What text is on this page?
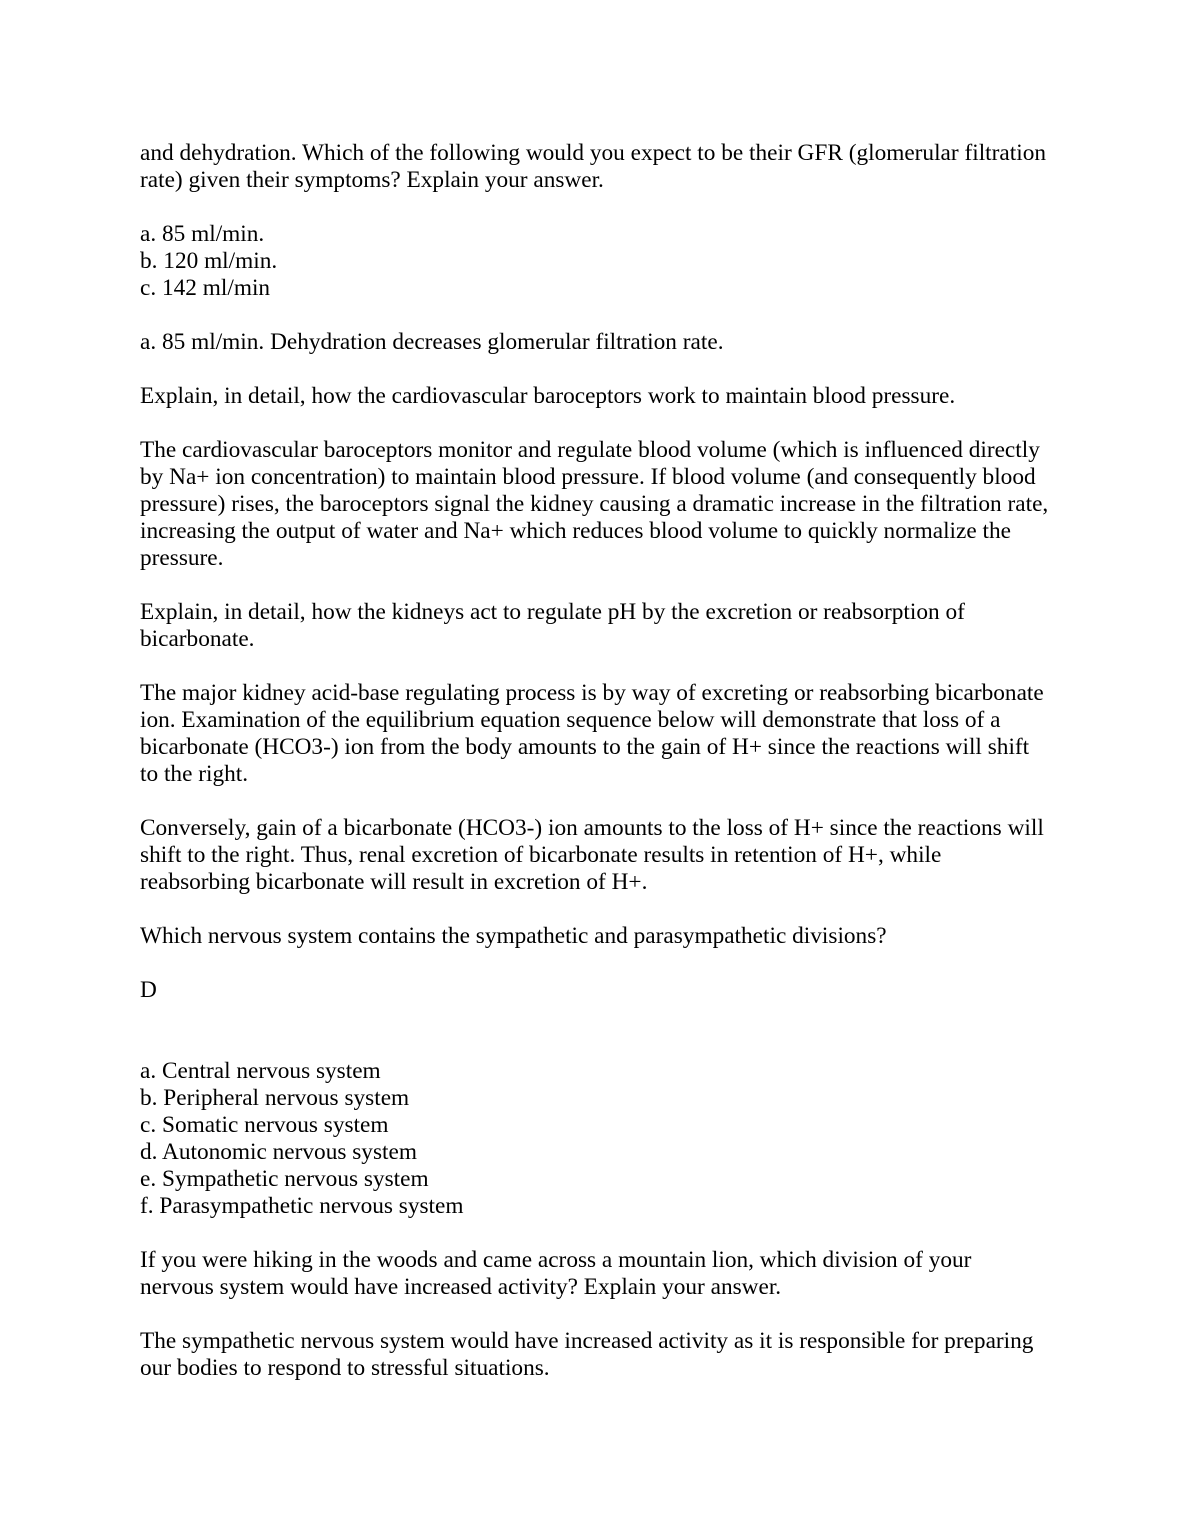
and dehydration. Which of the following would you expect to be their GFR (glomerular filtration
rate) given their symptoms? Explain your answer.
a. 85 ml/min.
b. 120 ml/min.
c. 142 ml/min
a. 85 ml/min. Dehydration decreases glomerular filtration rate.
Explain, in detail, how the cardiovascular baroceptors work to maintain blood pressure.
The cardiovascular baroceptors monitor and regulate blood volume (which is influenced directly
by Na+ ion concentration) to maintain blood pressure. If blood volume (and consequently blood
pressure) rises, the baroceptors signal the kidney causing a dramatic increase in the filtration rate,
increasing the output of water and Na+ which reduces blood volume to quickly normalize the
pressure.
Explain, in detail, how the kidneys act to regulate pH by the excretion or reabsorption of
bicarbonate.
The major kidney acid-base regulating process is by way of excreting or reabsorbing bicarbonate
ion. Examination of the equilibrium equation sequence below will demonstrate that loss of a
bicarbonate (HCO3-) ion from the body amounts to the gain of H+ since the reactions will shift
to the right.
Conversely, gain of a bicarbonate (HCO3-) ion amounts to the loss of H+ since the reactions will
shift to the right. Thus, renal excretion of bicarbonate results in retention of H+, while
reabsorbing bicarbonate will result in excretion of H+.
Which nervous system contains the sympathetic and parasympathetic divisions?
D
a. Central nervous system
b. Peripheral nervous system
c. Somatic nervous system
d. Autonomic nervous system
e. Sympathetic nervous system
f. Parasympathetic nervous system
If you were hiking in the woods and came across a mountain lion, which division of your
nervous system would have increased activity? Explain your answer.
The sympathetic nervous system would have increased activity as it is responsible for preparing
our bodies to respond to stressful situations.
